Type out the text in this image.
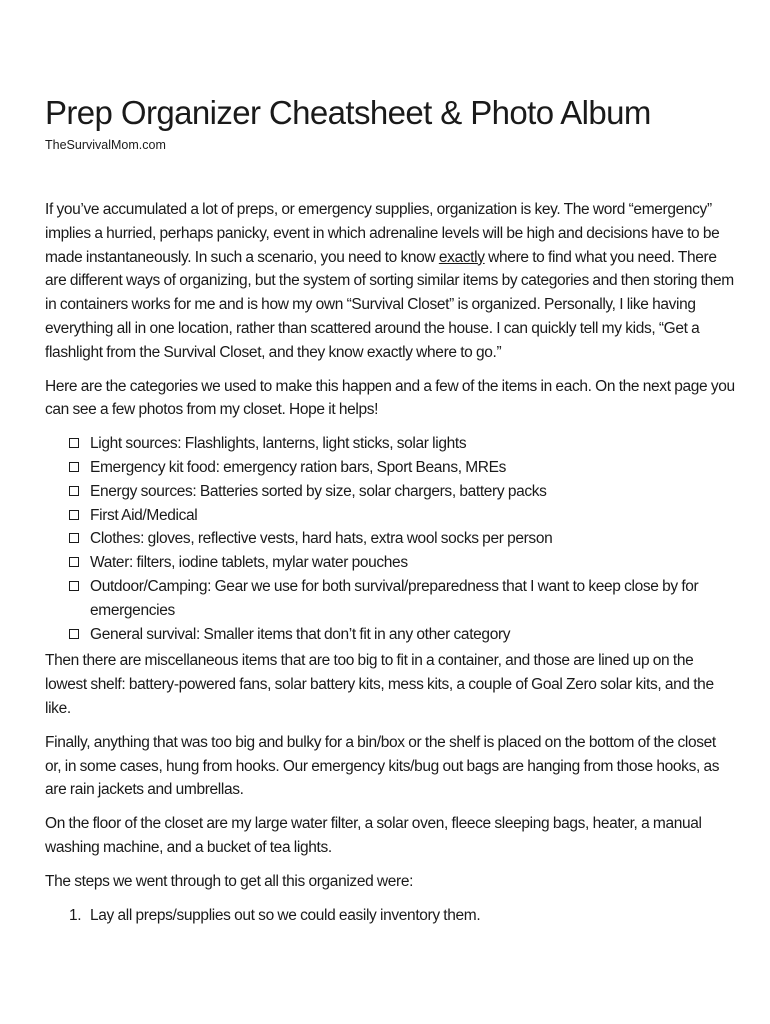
Prep Organizer Cheatsheet & Photo Album
TheSurvivalMom.com

If you’ve accumulated a lot of preps, or emergency supplies, organization is key. The word “emergency” implies a hurried, perhaps panicky, event in which adrenaline levels will be high and decisions have to be made instantaneously. In such a scenario, you need to know exactly where to find what you need. There are different ways of organizing, but the system of sorting similar items by categories and then storing them in containers works for me and is how my own “Survival Closet” is organized. Personally, I like having everything all in one location, rather than scattered around the house. I can quickly tell my kids, “Get a flashlight from the Survival Closet, and they know exactly where to go.”

Here are the categories we used to make this happen and a few of the items in each. On the next page you can see a few photos from my closet. Hope it helps!

Light sources: Flashlights, lanterns, light sticks, solar lights
Emergency kit food: emergency ration bars, Sport Beans, MREs
Energy sources: Batteries sorted by size, solar chargers, battery packs
First Aid/Medical
Clothes: gloves, reflective vests, hard hats, extra wool socks per person
Water: filters, iodine tablets, mylar water pouches
Outdoor/Camping: Gear we use for both survival/preparedness that I want to keep close by for emergencies
General survival: Smaller items that don’t fit in any other category

Then there are miscellaneous items that are too big to fit in a container, and those are lined up on the lowest shelf: battery-powered fans, solar battery kits, mess kits, a couple of Goal Zero solar kits, and the like.

Finally, anything that was too big and bulky for a bin/box or the shelf is placed on the bottom of the closet or, in some cases, hung from hooks. Our emergency kits/bug out bags are hanging from those hooks, as are rain jackets and umbrellas.

On the floor of the closet are my large water filter, a solar oven, fleece sleeping bags, heater, a manual washing machine, and a bucket of tea lights.

The steps we went through to get all this organized were:

1. Lay all preps/supplies out so we could easily inventory them.
